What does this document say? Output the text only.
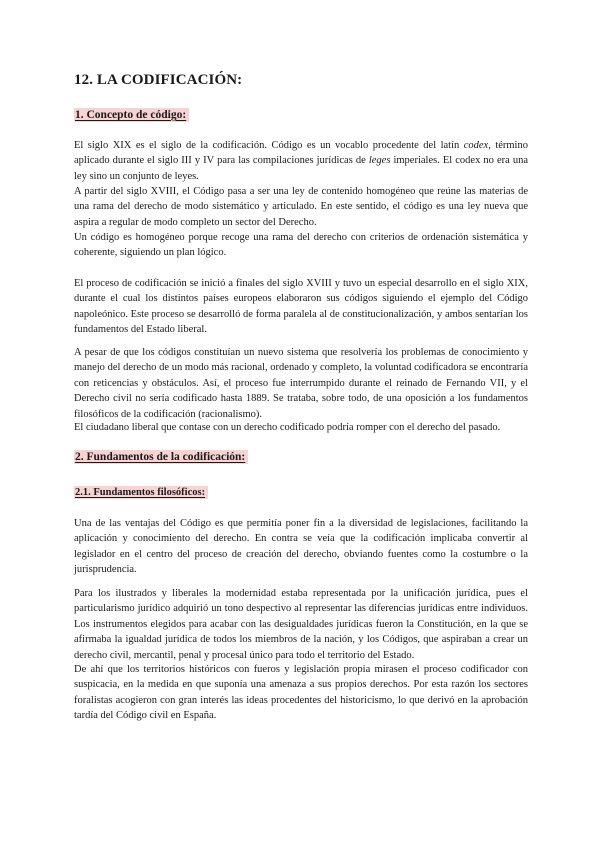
12. LA CODIFICACIÓN:
1. Concepto de código:

El siglo XIX es el siglo de la codificación. Código es un vocablo procedente del latín codex, término aplicado durante el siglo III y IV para las compilaciones jurídicas de leges imperiales. El codex no era una ley sino un conjunto de leyes.

A partir del siglo XVIII, el Código pasa a ser una ley de contenido homogéneo que reúne las materias de una rama del derecho de modo sistemático y articulado. En este sentido, el código es una ley nueva que aspira a regular de modo completo un sector del Derecho.

Un código es homogéneo porque recoge una rama del derecho con criterios de ordenación sistemática y coherente, siguiendo un plan lógico.

El proceso de codificación se inició a finales del siglo XVIII y tuvo un especial desarrollo en el siglo XIX, durante el cual los distintos países europeos elaboraron sus códigos siguiendo el ejemplo del Código napoleónico. Este proceso se desarrolló de forma paralela al de constitucionalización, y ambos sentarían los fundamentos del Estado liberal.

A pesar de que los códigos constituían un nuevo sistema que resolvería los problemas de conocimiento y manejo del derecho de un modo más racional, ordenado y completo, la voluntad codificadora se encontraría con reticencias y obstáculos. Así, el proceso fue interrumpido durante el reinado de Fernando VII, y el Derecho civil no sería codificado hasta 1889. Se trataba, sobre todo, de una oposición a los fundamentos filosóficos de la codificación (racionalismo).

El ciudadano liberal que contase con un derecho codificado podría romper con el derecho del pasado.

2. Fundamentos de la codificación:
2.1. Fundamentos filosóficos:

Una de las ventajas del Código es que permitía poner fin a la diversidad de legislaciones, facilitando la aplicación y conocimiento del derecho. En contra se veía que la codificación implicaba convertir al legislador en el centro del proceso de creación del derecho, obviando fuentes como la costumbre o la jurisprudencia.

Para los ilustrados y liberales la modernidad estaba representada por la unificación jurídica, pues el particularismo jurídico adquirió un tono despectivo al representar las diferencias jurídicas entre individuos. Los instrumentos elegidos para acabar con las desigualdades jurídicas fueron la Constitución, en la que se afirmaba la igualdad jurídica de todos los miembros de la nación, y los Códigos, que aspiraban a crear un derecho civil, mercantil, penal y procesal único para todo el territorio del Estado.

De ahí que los territorios históricos con fueros y legislación propia mirasen el proceso codificador con suspicacia, en la medida en que suponía una amenaza a sus propios derechos. Por esta razón los sectores foralistas acogieron con gran interés las ideas procedentes del historicismo, lo que derivó en la aprobación tardía del Código civil en España.
